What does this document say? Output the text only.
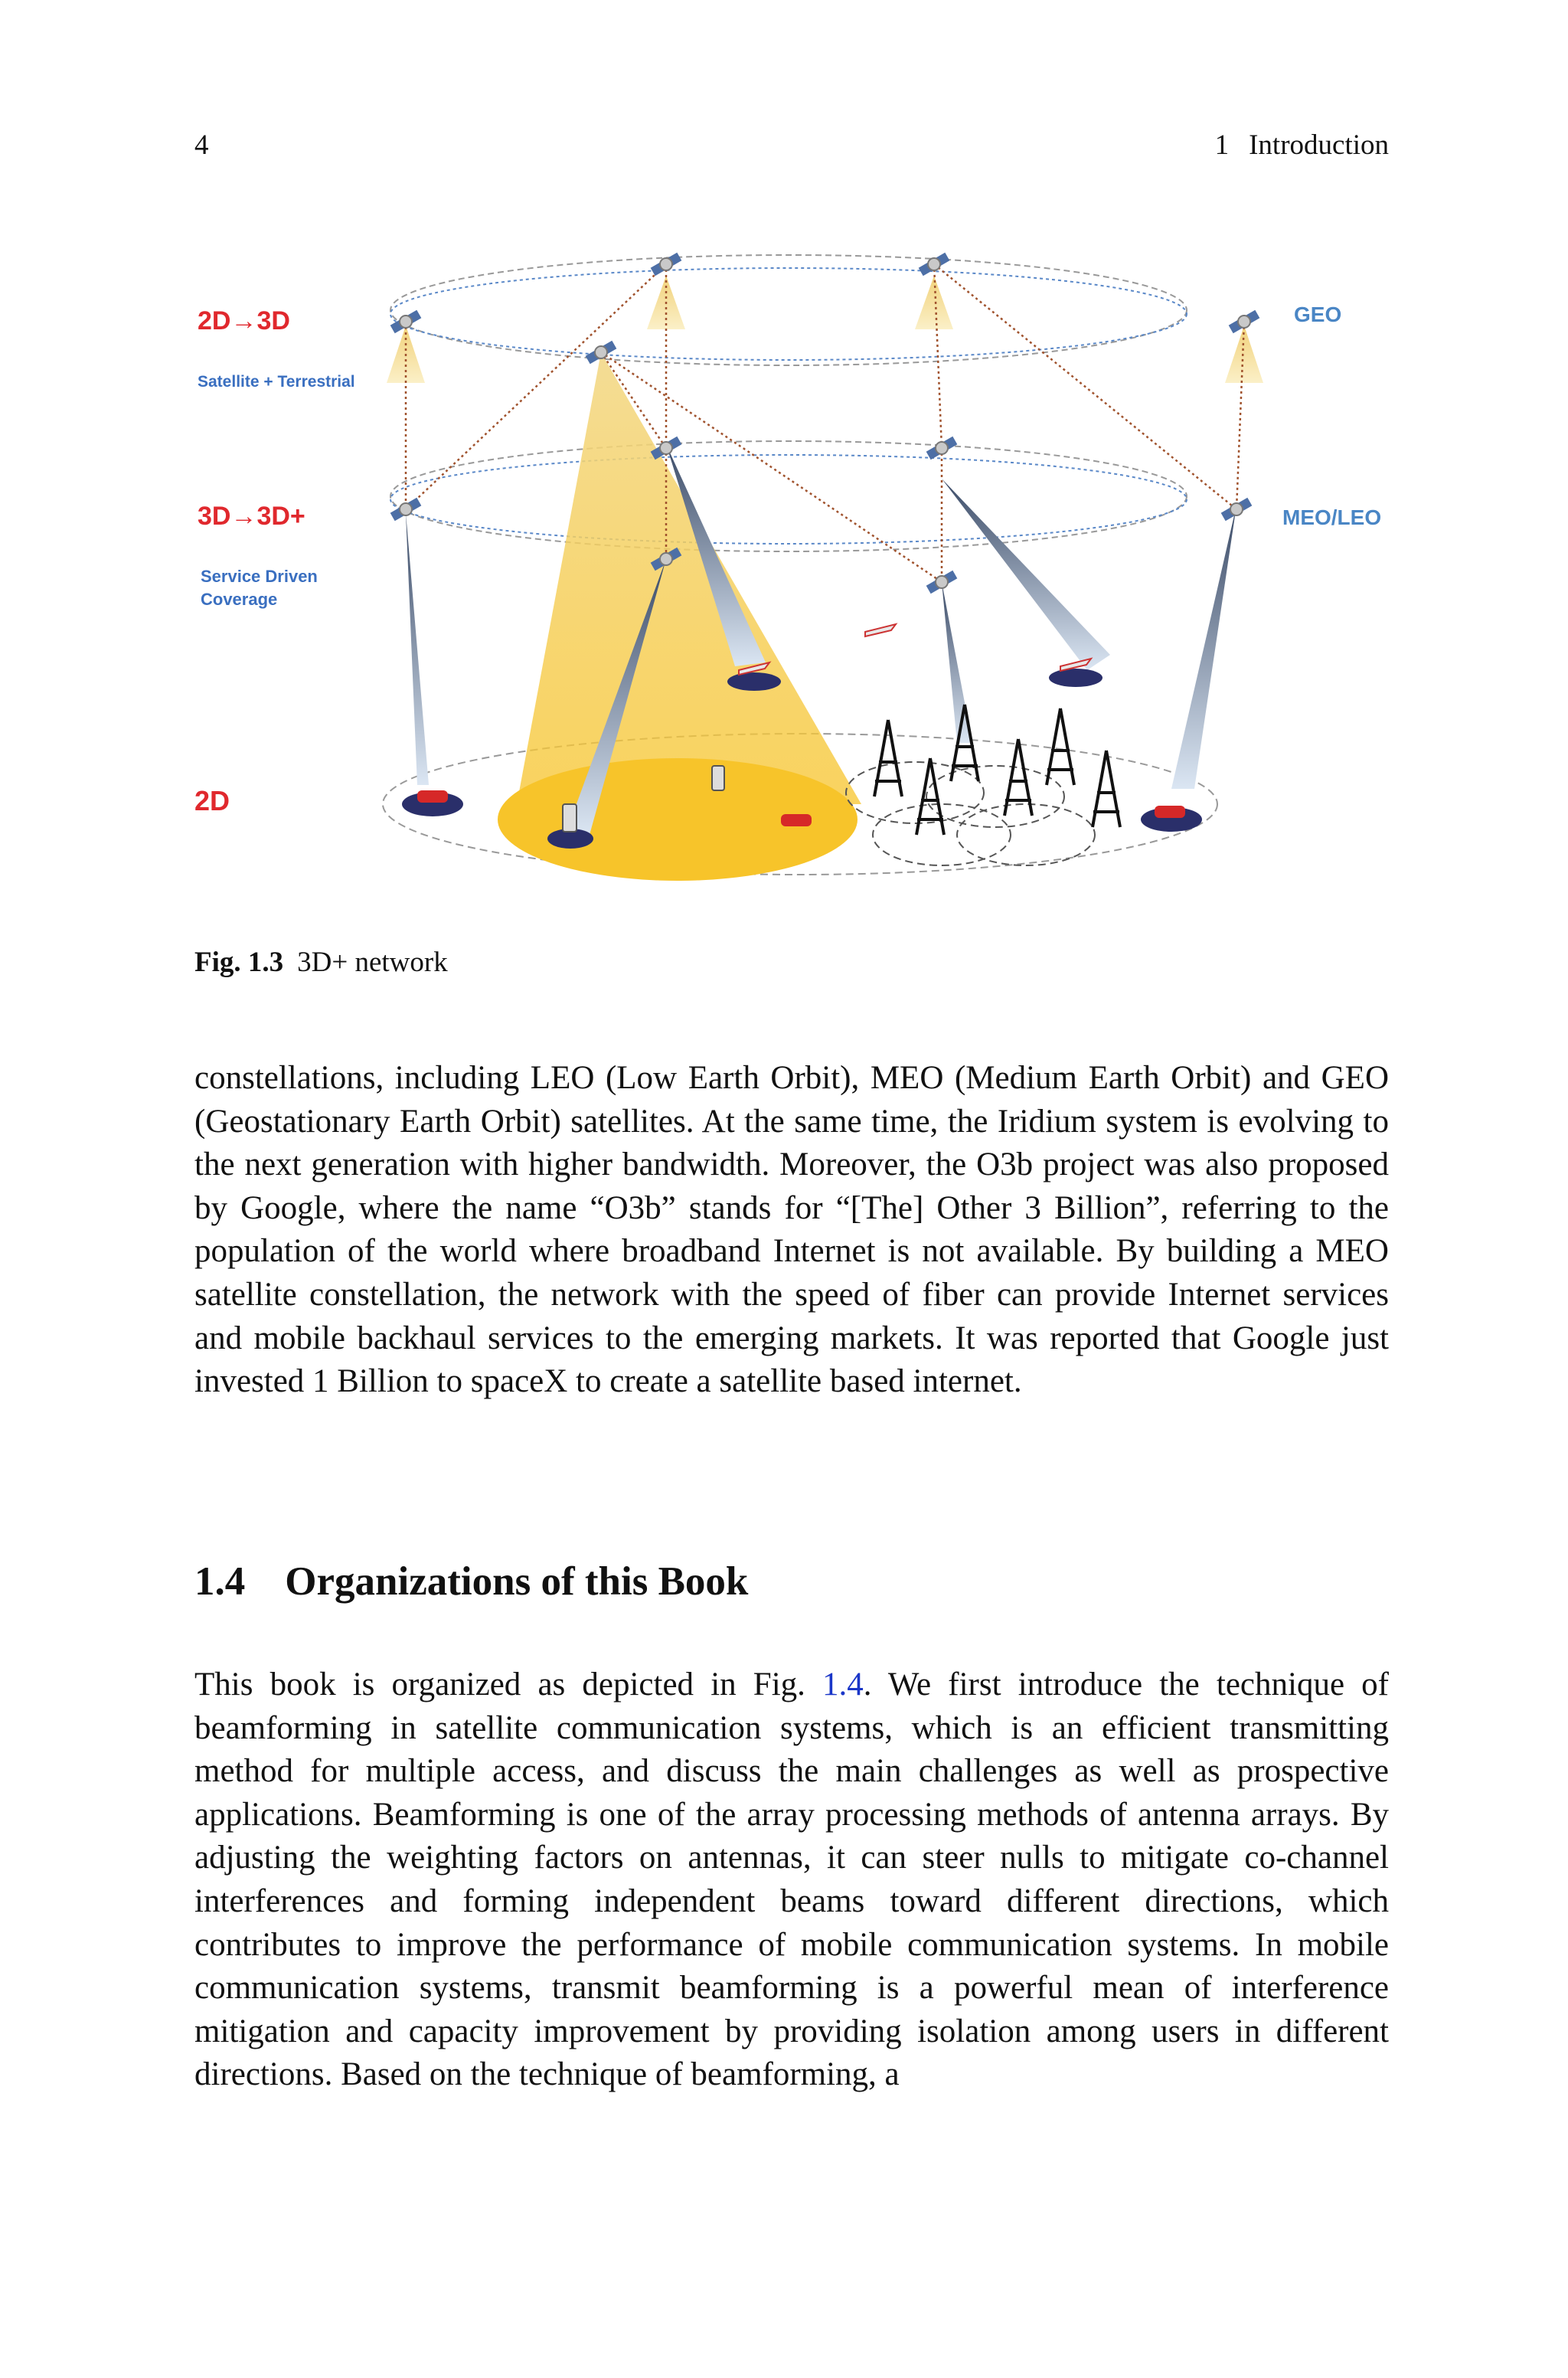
4	1 Introduction
2D→3D
Satellite + Terrestrial
3D→3D+
Service Driven
Coverage
2D
GEO
MEO/LEO
Fig. 1.3 3D+ network

constellations, including LEO (Low Earth Orbit), MEO (Medium Earth Orbit) and GEO (Geostationary Earth Orbit) satellites. At the same time, the Iridium system is evolving to the next generation with higher bandwidth. Moreover, the O3b project was also proposed by Google, where the name “O3b” stands for “[The] Other 3 Billion”, referring to the population of the world where broadband Internet is not available. By building a MEO satellite constellation, the network with the speed of fiber can provide Internet services and mobile backhaul services to the emerging markets. It was reported that Google just invested 1 Billion to spaceX to create a satellite based internet.

1.4 Organizations of this Book

This book is organized as depicted in Fig. 1.4. We first introduce the technique of beamforming in satellite communication systems, which is an efficient transmitting method for multiple access, and discuss the main challenges as well as prospective applications. Beamforming is one of the array processing methods of antenna arrays. By adjusting the weighting factors on antennas, it can steer nulls to mitigate co-channel interferences and forming independent beams toward different directions, which contributes to improve the performance of mobile communication systems. In mobile communication systems, transmit beamforming is a powerful mean of interference mitigation and capacity improvement by providing isolation among users in different directions. Based on the technique of beamforming, a
